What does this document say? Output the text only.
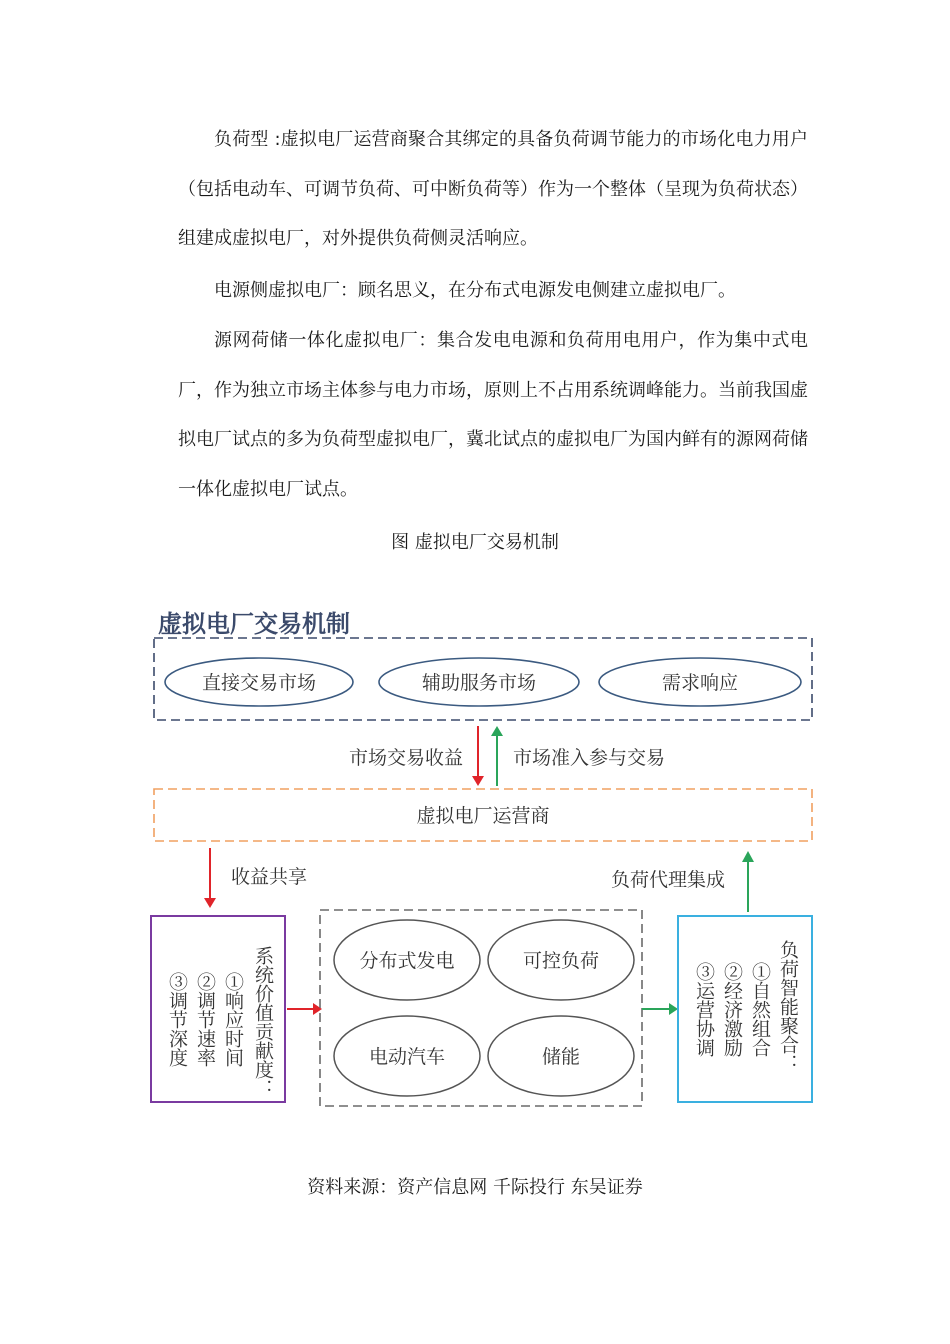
负荷型 :虚拟电厂运营商聚合其绑定的具备负荷调节能力的市场化电力用户（包括电动车、可调节负荷、可中断负荷等）作为一个整体（呈现为负荷状态）组建成虚拟电厂，对外提供负荷侧灵活响应。

电源侧虚拟电厂：顾名思义，在分布式电源发电侧建立虚拟电厂。

源网荷储一体化虚拟电厂：集合发电电源和负荷用电用户，作为集中式电厂，作为独立市场主体参与电力市场，原则上不占用系统调峰能力。当前我国虚拟电厂试点的多为负荷型虚拟电厂，冀北试点的虚拟电厂为国内鲜有的源网荷储一体化虚拟电厂试点。

图 虚拟电厂交易机制
虚拟电厂交易机制
直接交易市场	辅助服务市场	需求响应
市场交易收益	市场准入参与交易
虚拟电厂运营商
收益共享	负荷代理集成
系统价值贡献度：
①响应时间
②调节速率
③调节深度
分布式发电	可控负荷
电动汽车	储能	负荷智能聚合：
①自然组合
②经济激励
③运营协调
资料来源：资产信息网 千际投行 东吴证券
